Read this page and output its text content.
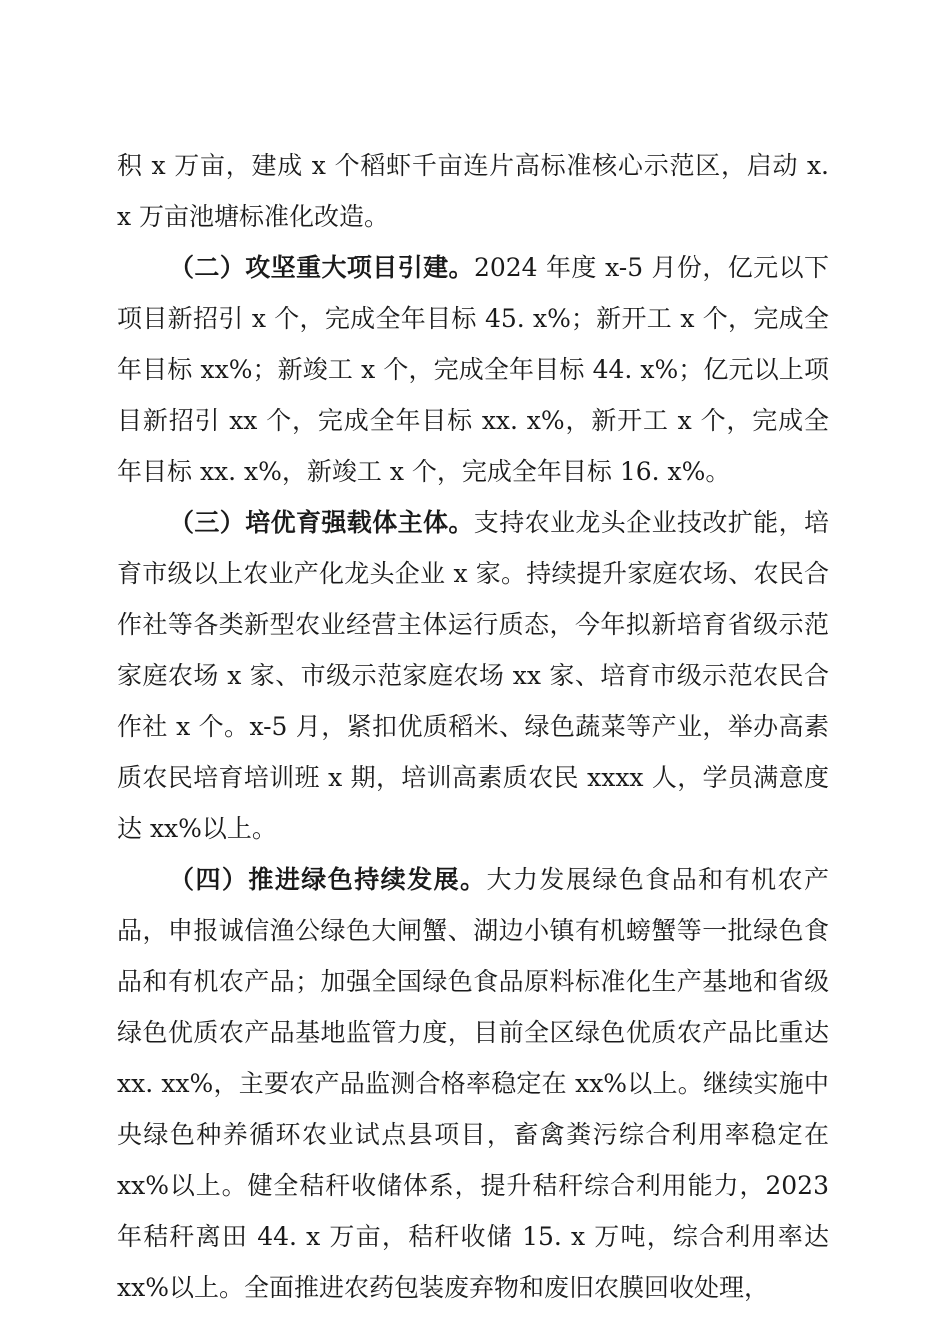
积 x 万亩，建成 x 个稻虾千亩连片高标准核心示范区，启动 x. x 万亩池塘标准化改造。

（二）攻坚重大项目引建。2024 年度 x-5 月份，亿元以下项目新招引 x 个，完成全年目标 45. x%；新开工 x 个，完成全年目标 xx%；新竣工 x 个，完成全年目标 44. x%；亿元以上项目新招引 xx 个，完成全年目标 xx. x%，新开工 x 个，完成全年目标 xx. x%，新竣工 x 个，完成全年目标 16. x%。

（三）培优育强载体主体。支持农业龙头企业技改扩能，培育市级以上农业产化龙头企业 x 家。持续提升家庭农场、农民合作社等各类新型农业经营主体运行质态，今年拟新培育省级示范家庭农场 x 家、市级示范家庭农场 xx 家、培育市级示范农民合作社 x 个。x-5 月，紧扣优质稻米、绿色蔬菜等产业，举办高素质农民培育培训班 x 期，培训高素质农民 xxxx 人，学员满意度达 xx%以上。

（四）推进绿色持续发展。大力发展绿色食品和有机农产品，申报诚信渔公绿色大闸蟹、湖边小镇有机螃蟹等一批绿色食品和有机农产品；加强全国绿色食品原料标准化生产基地和省级绿色优质农产品基地监管力度，目前全区绿色优质农产品比重达 xx. xx%，主要农产品监测合格率稳定在 xx%以上。继续实施中央绿色种养循环农业试点县项目，畜禽粪污综合利用率稳定在 xx%以上。健全秸秆收储体系，提升秸秆综合利用能力，2023 年秸秆离田 44. x 万亩，秸秆收储 15. x 万吨，综合利用率达 xx%以上。全面推进农药包装废弃物和废旧农膜回收处理，
